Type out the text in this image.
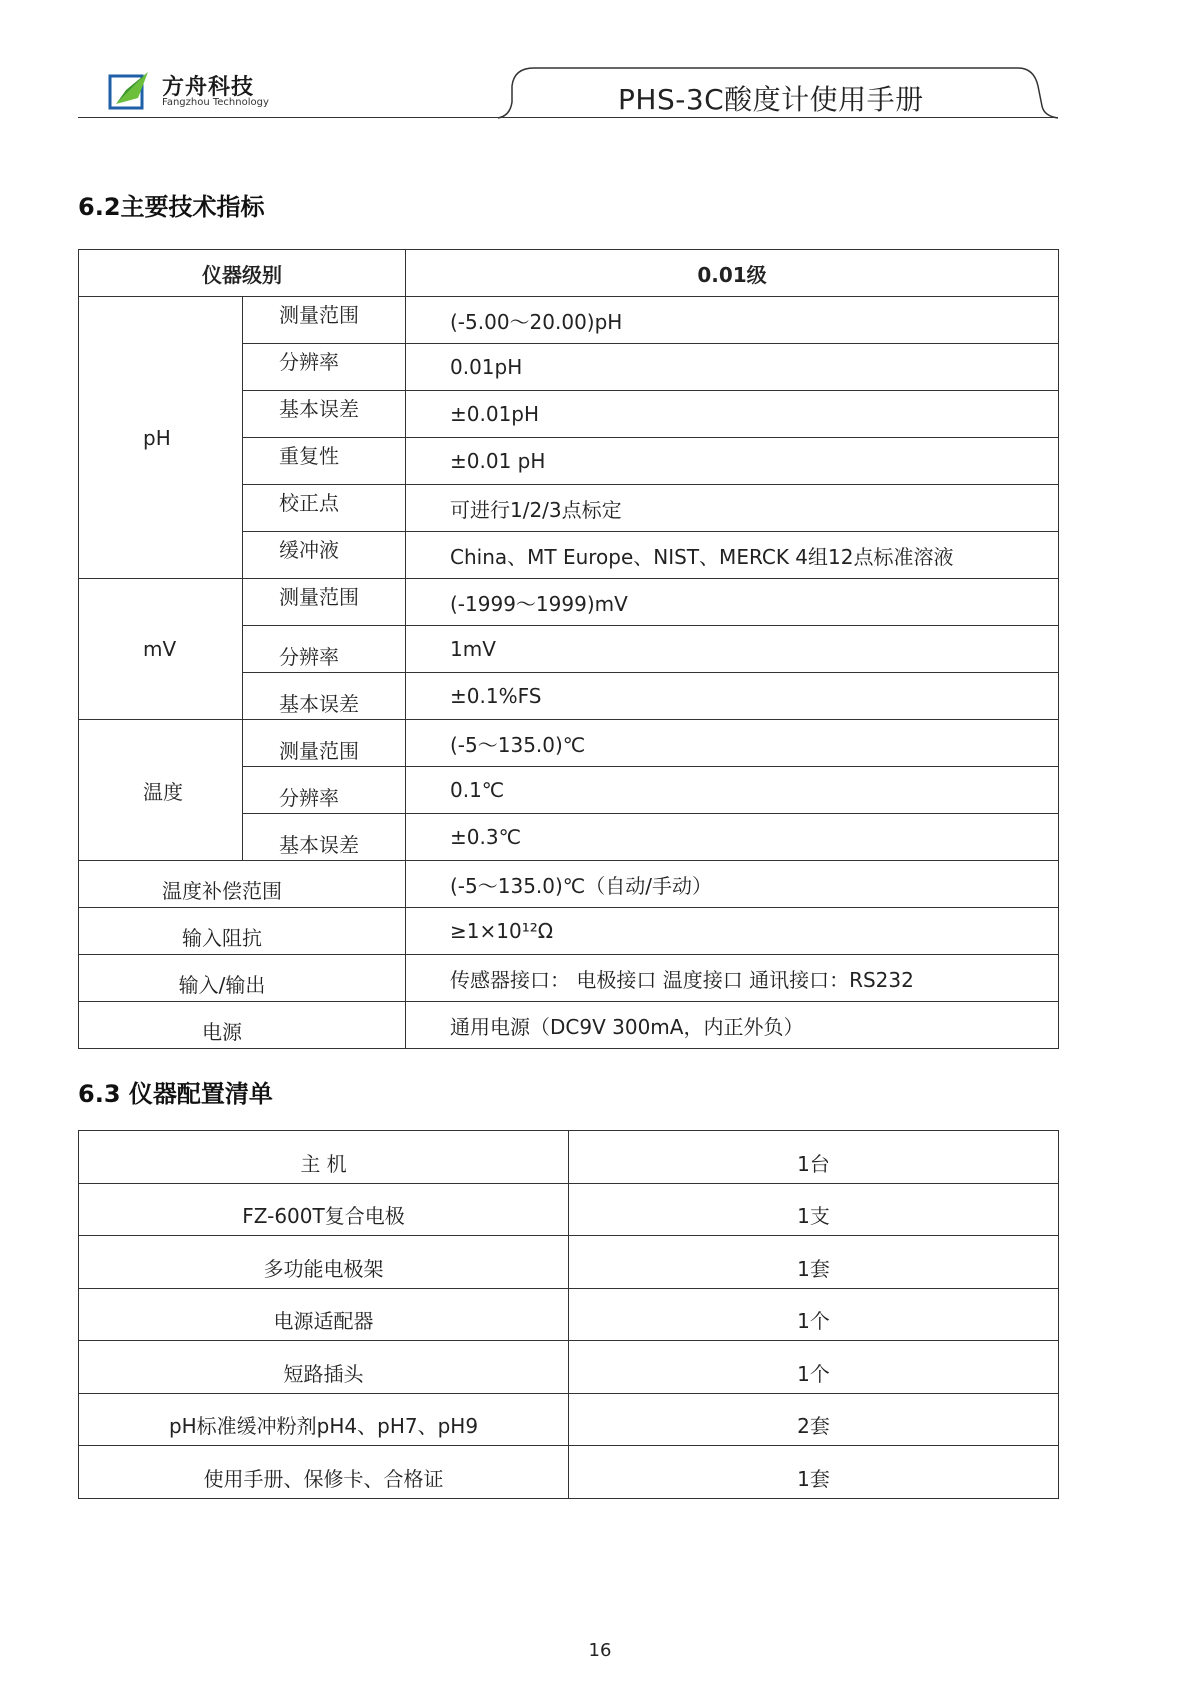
方舟科技
Fangzhou Technology	PHS-3C酸度计使用手册
6.2主要技术指标
仪器级别		0.01级
pH	测量范围	(-5.00～20.00)pH
	分辨率	0.01pH
	基本误差	±0.01pH
	重复性	±0.01 pH
	校正点	可进行1/2/3点标定
	缓冲液	China、MT Europe、NIST、MERCK 4组12点标准溶液
mV	测量范围	(-1999～1999)mV
	分辨率	1mV
	基本误差	±0.1%FS
温度	测量范围	(-5～135.0)℃
	分辨率	0.1℃
	基本误差	±0.3℃
温度补偿范围		(-5～135.0)℃（自动/手动）
输入阻抗		≥1×10¹²Ω
输入/输出		传感器接口： 电极接口 温度接口 通讯接口：RS232
电源		通用电源（DC9V 300mA，内正外负）
6.3 仪器配置清单
主 机	1台
FZ-600T复合电极	1支
多功能电极架	1套
电源适配器	1个
短路插头	1个
pH标准缓冲粉剂pH4、pH7、pH9	2套
使用手册、保修卡、合格证	1套
16
